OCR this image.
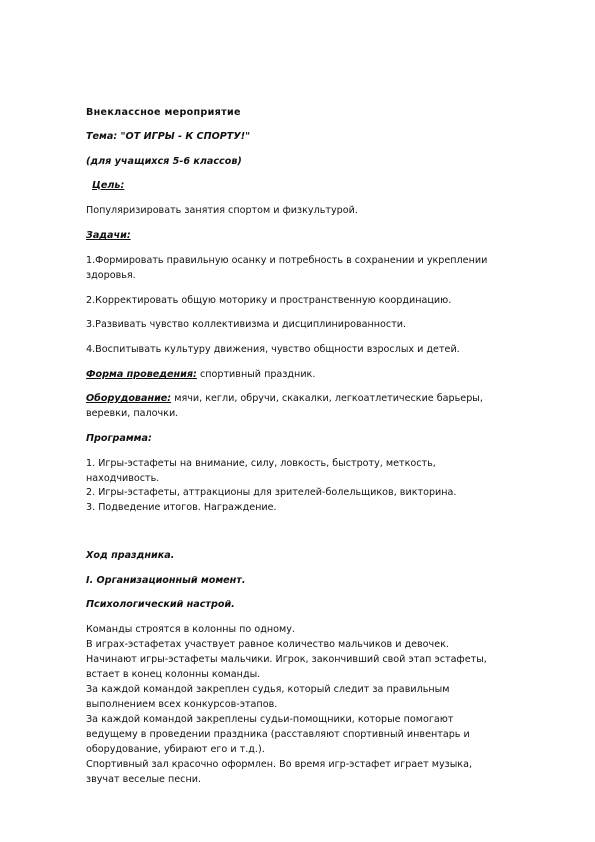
Внеклассное мероприятие
Тема: "ОТ ИГРЫ - К СПОРТУ!"
(для учащихся 5-6 классов)
Цель:
Популяризировать занятия спортом и физкультурой.
Задачи:
1.Формировать правильную осанку и потребность в сохранении и укреплении
здоровья.
2.Корректировать общую моторику и пространственную координацию.
3.Развивать чувство коллективизма и дисциплинированности.
4.Воспитывать культуру движения, чувство общности взрослых и детей.
Форма проведения: спортивный праздник.
Оборудование: мячи, кегли, обручи, скакалки, легкоатлетические барьеры,
веревки, палочки.
Программа:
1. Игры-эстафеты на внимание, силу, ловкость, быстроту, меткость,
находчивость.
2. Игры-эстафеты, аттракционы для зрителей-болельщиков, викторина.
3. Подведение итогов. Награждение.
Ход праздника.
I. Организационный момент.
Психологический настрой.
Команды строятся в колонны по одному.
В играх-эстафетах участвует равное количество мальчиков и девочек.
Начинают игры-эстафеты мальчики. Игрок, закончивший свой этап эстафеты,
встает в конец колонны команды.
За каждой командой закреплен судья, который следит за правильным
выполнением всех конкурсов-этапов.
За каждой командой закреплены судьи-помощники, которые помогают
ведущему в проведении праздника (расставляют спортивный инвентарь и
оборудование, убирают его и т.д.).
Спортивный зал красочно оформлен. Во время игр-эстафет играет музыка,
звучат веселые песни.
